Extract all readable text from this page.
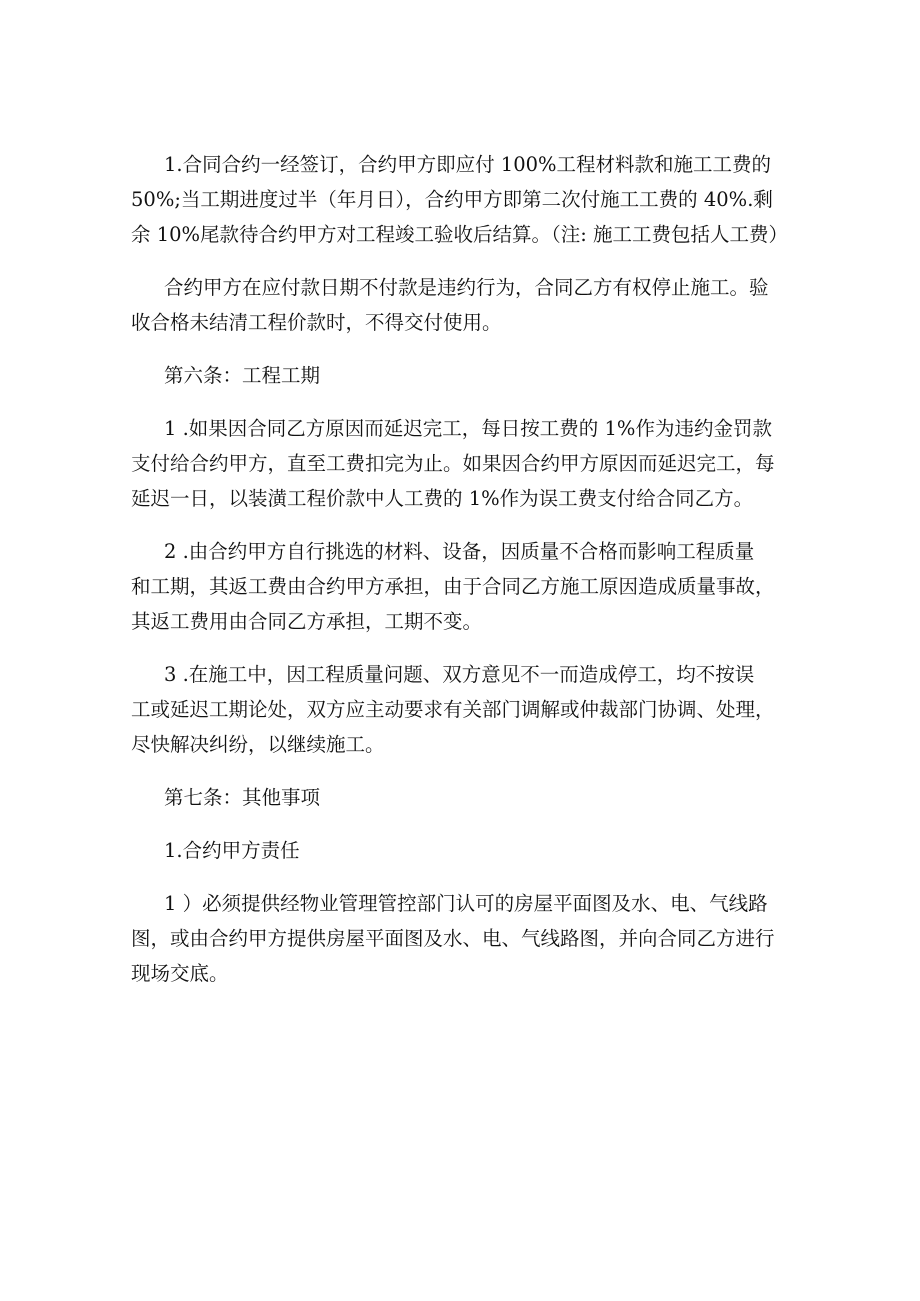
1.合同合约一经签订，合约甲方即应付 100%工程材料款和施工工费的
50%;当工期进度过半（年月日），合约甲方即第二次付施工工费的 40%.剩
余 10%尾款待合约甲方对工程竣工验收后结算。（注: 施工工费包括人工费）
合约甲方在应付款日期不付款是违约行为，合同乙方有权停止施工。验
收合格未结清工程价款时，不得交付使用。
第六条：工程工期
1 .如果因合同乙方原因而延迟完工，每日按工费的 1%作为违约金罚款
支付给合约甲方，直至工费扣完为止。如果因合约甲方原因而延迟完工，每
延迟一日，以装潢工程价款中人工费的 1%作为误工费支付给合同乙方。
2 .由合约甲方自行挑选的材料、设备，因质量不合格而影响工程质量
和工期，其返工费由合约甲方承担，由于合同乙方施工原因造成质量事故，
其返工费用由合同乙方承担，工期不变。
3 .在施工中，因工程质量问题、双方意见不一而造成停工，均不按误
工或延迟工期论处，双方应主动要求有关部门调解或仲裁部门协调、处理，
尽快解决纠纷，以继续施工。
第七条：其他事项
1.合约甲方责任
1 ）必须提供经物业管理管控部门认可的房屋平面图及水、电、气线路
图，或由合约甲方提供房屋平面图及水、电、气线路图，并向合同乙方进行
现场交底。
